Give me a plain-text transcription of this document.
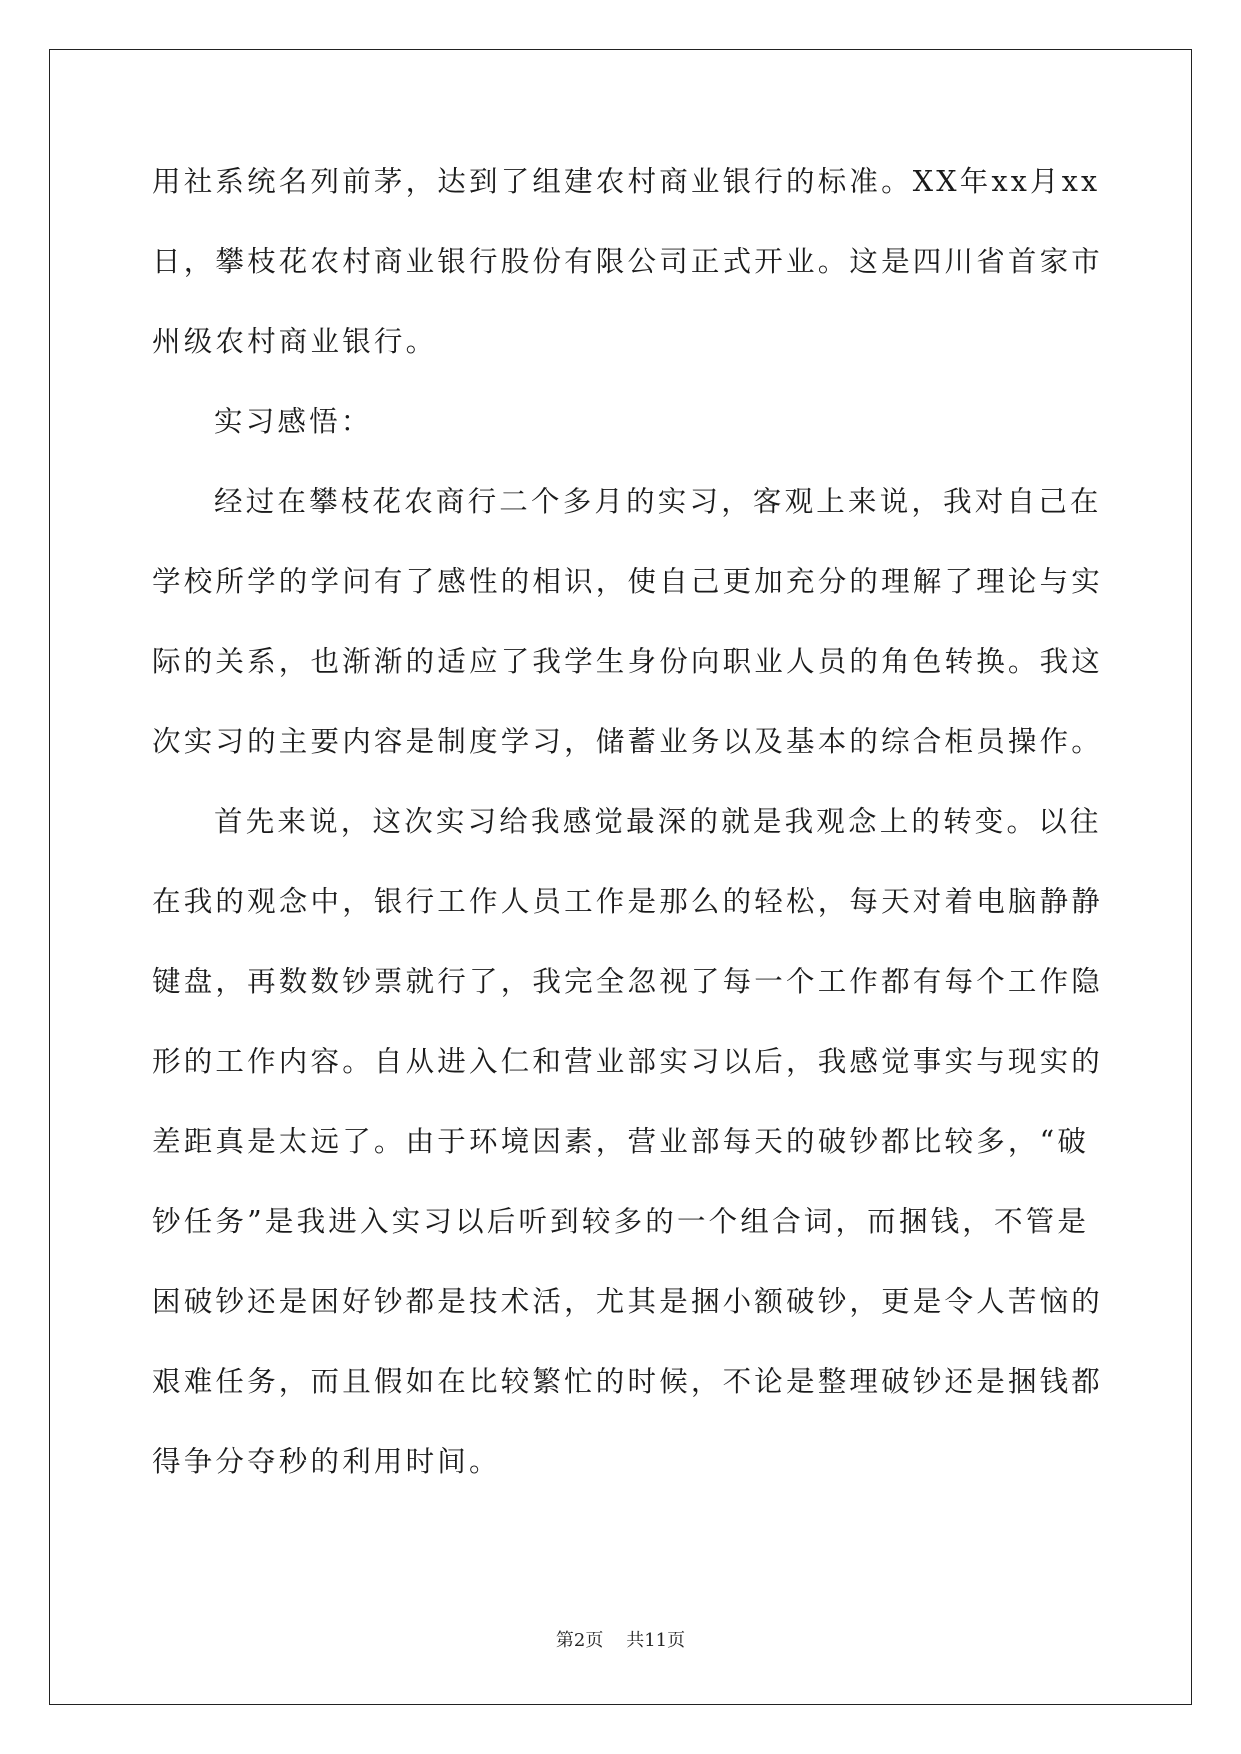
用社系统名列前茅，达到了组建农村商业银行的标准。XX年xx月xx
日，攀枝花农村商业银行股份有限公司正式开业。这是四川省首家市
州级农村商业银行。
实习感悟：
经过在攀枝花农商行二个多月的实习，客观上来说，我对自己在
学校所学的学问有了感性的相识，使自己更加充分的理解了理论与实
际的关系，也渐渐的适应了我学生身份向职业人员的角色转换。我这
次实习的主要内容是制度学习，储蓄业务以及基本的综合柜员操作。
首先来说，这次实习给我感觉最深的就是我观念上的转变。以往
在我的观念中，银行工作人员工作是那么的轻松，每天对着电脑静静
键盘，再数数钞票就行了，我完全忽视了每一个工作都有每个工作隐
形的工作内容。自从进入仁和营业部实习以后，我感觉事实与现实的
差距真是太远了。由于环境因素，营业部每天的破钞都比较多，“破
钞任务”是我进入实习以后听到较多的一个组合词，而捆钱，不管是
困破钞还是困好钞都是技术活，尤其是捆小额破钞，更是令人苦恼的
艰难任务，而且假如在比较繁忙的时候，不论是整理破钞还是捆钱都
得争分夺秒的利用时间。
第2页    共11页
